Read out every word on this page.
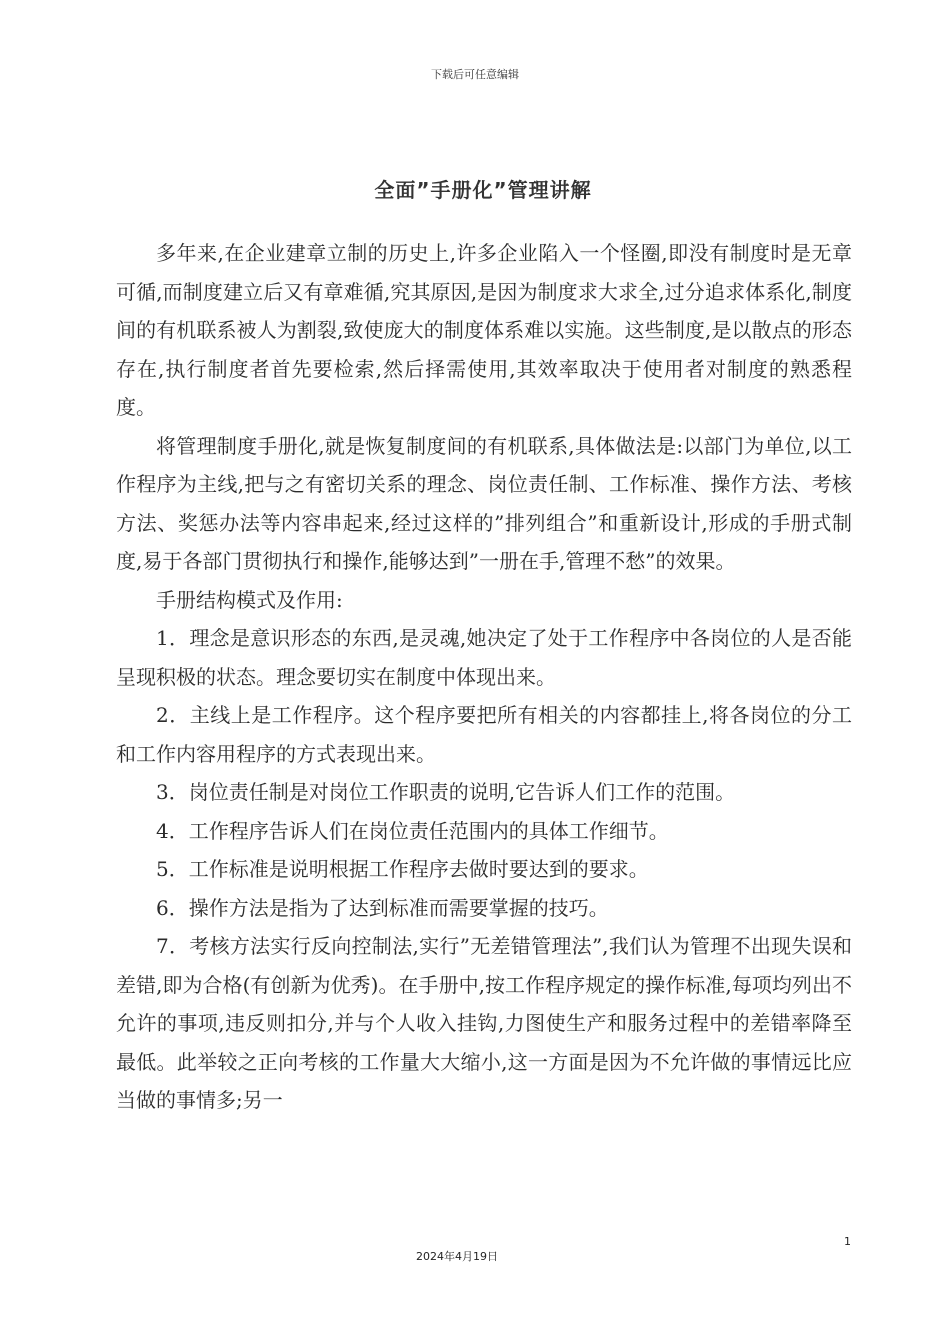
下载后可任意编辑
全面”手册化”管理讲解

多年来,在企业建章立制的历史上,许多企业陷入一个怪圈,即没有制度时是无章可循,而制度建立后又有章难循,究其原因,是因为制度求大求全,过分追求体系化,制度间的有机联系被人为割裂,致使庞大的制度体系难以实施。这些制度,是以散点的形态存在,执行制度者首先要检索,然后择需使用,其效率取决于使用者对制度的熟悉程度。

将管理制度手册化,就是恢复制度间的有机联系,具体做法是:以部门为单位,以工作程序为主线,把与之有密切关系的理念、岗位责任制、工作标准、操作方法、考核方法、奖惩办法等内容串起来,经过这样的”排列组合”和重新设计,形成的手册式制度,易于各部门贯彻执行和操作,能够达到”一册在手,管理不愁”的效果。

手册结构模式及作用:

1．理念是意识形态的东西,是灵魂,她决定了处于工作程序中各岗位的人是否能呈现积极的状态。理念要切实在制度中体现出来。

2．主线上是工作程序。这个程序要把所有相关的内容都挂上,将各岗位的分工和工作内容用程序的方式表现出来。

3．岗位责任制是对岗位工作职责的说明,它告诉人们工作的范围。

4．工作程序告诉人们在岗位责任范围内的具体工作细节。

5．工作标准是说明根据工作程序去做时要达到的要求。

6．操作方法是指为了达到标准而需要掌握的技巧。

7．考核方法实行反向控制法,实行”无差错管理法”,我们认为管理不出现失误和差错,即为合格(有创新为优秀)。在手册中,按工作程序规定的操作标准,每项均列出不允许的事项,违反则扣分,并与个人收入挂钩,力图使生产和服务过程中的差错率降至最低。此举较之正向考核的工作量大大缩小,这一方面是因为不允许做的事情远比应当做的事情多;另一

1
2024年4月19日
